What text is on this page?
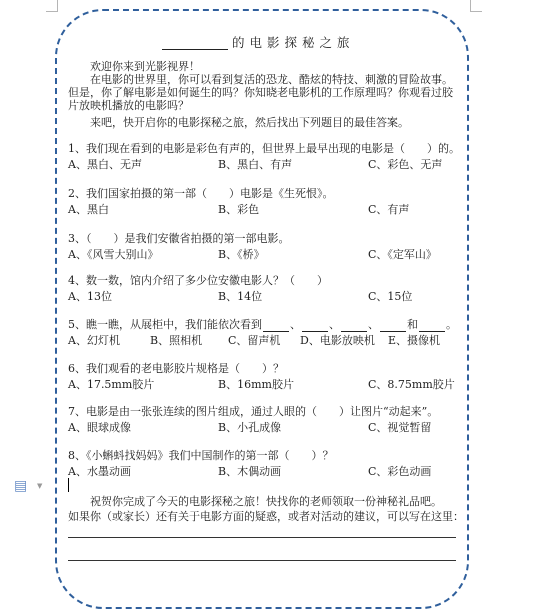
的电影探秘之旅
欢迎你来到光影视界！
在电影的世界里，你可以看到复活的恐龙、酷炫的特技、刺激的冒险故事。
但是，你了解电影是如何诞生的吗？你知晓老电影机的工作原理吗？你观看过胶
片放映机播放的电影吗？
来吧，快开启你的电影探秘之旅，然后找出下列题目的最佳答案。
1、我们现在看到的电影是彩色有声的，但世界上最早出现的电影是（　　）的。
A、黑白、无声	B、黑白、有声	C、彩色、无声
2、我们国家拍摄的第一部（　　）电影是《生死恨》。
A、黑白	B、彩色	C、有声
3、（　　）是我们安徽省拍摄的第一部电影。
A、《风雪大别山》	B、《桥》	C、《定军山》
4、数一数，馆内介绍了多少位安徽电影人？（　　）
A、13位	B、14位	C、15位
5、瞧一瞧，从展柜中，我们能依次看到	、	、	、	和	。
A、幻灯机	B、照相机 C、留声机 D、电影放映机 E、摄像机
6、我们观看的老电影胶片规格是（　　）？
A、17.5mm胶片	B、16mm胶片	C、8.75mm胶片
7、电影是由一张张连续的图片组成，通过人眼的（　　）让图片“动起来”。
A、眼球成像	B、小孔成像	C、视觉暂留
8、《小蝌蚪找妈妈》我们中国制作的第一部（　　）？
A、水墨动画	B、木偶动画	C、彩色动画
祝贺你完成了今天的电影探秘之旅！快找你的老师领取一份神秘礼品吧。
如果你（或家长）还有关于电影方面的疑惑，或者对活动的建议，可以写在这里：
▤ ▼
